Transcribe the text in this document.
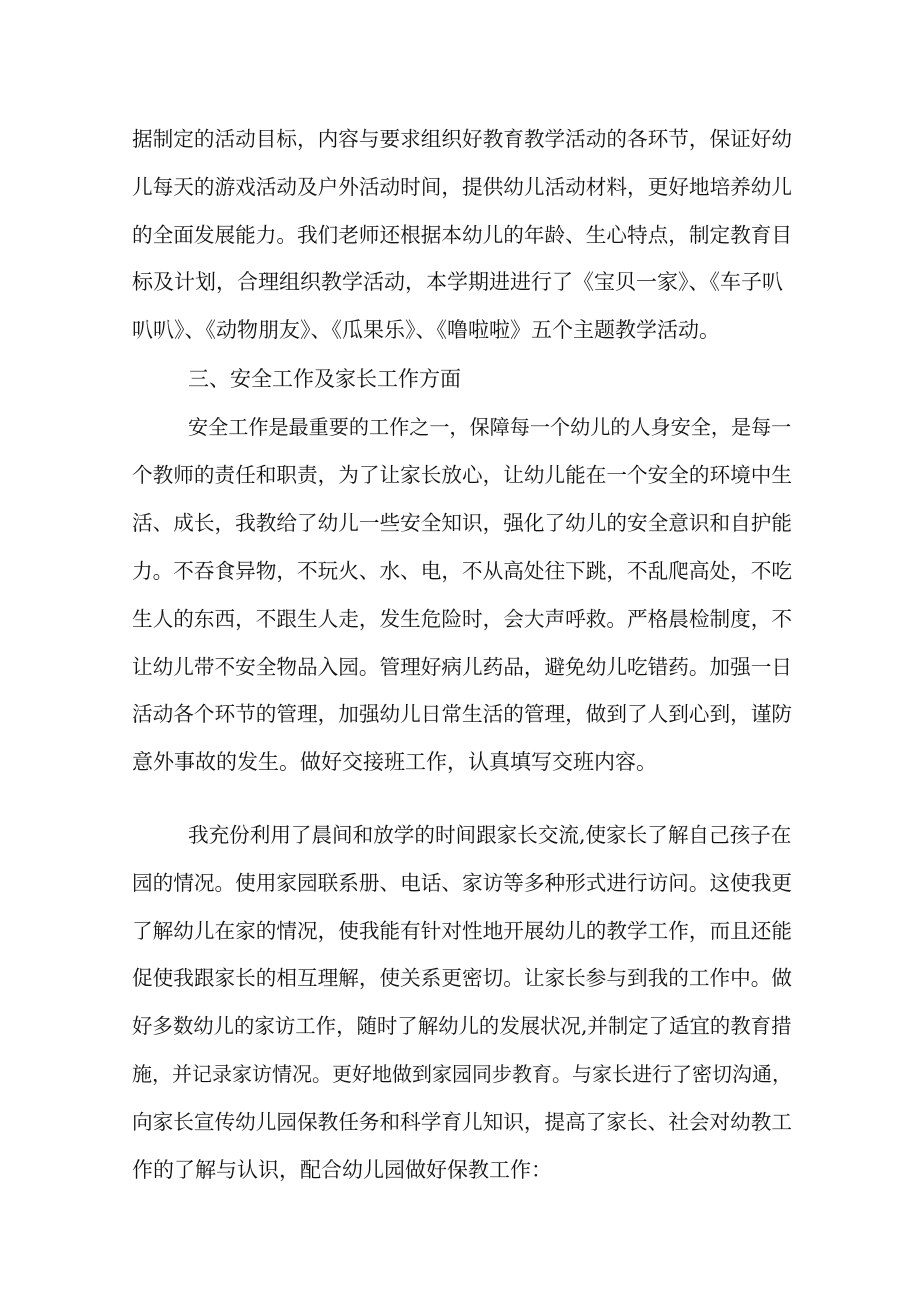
据制定的活动目标，内容与要求组织好教育教学活动的各环节，保证好幼
儿每天的游戏活动及户外活动时间，提供幼儿活动材料，更好地培养幼儿
的全面发展能力。我们老师还根据本幼儿的年龄、生心特点，制定教育目
标及计划，合理组织教学活动，本学期进进行了《宝贝一家》、《车子叭
叭叭》、《动物朋友》、《瓜果乐》、《噜啦啦》五个主题教学活动。
三、安全工作及家长工作方面
安全工作是最重要的工作之一，保障每一个幼儿的人身安全，是每一
个教师的责任和职责，为了让家长放心，让幼儿能在一个安全的环境中生
活、成长，我教给了幼儿一些安全知识，强化了幼儿的安全意识和自护能
力。不吞食异物，不玩火、水、电，不从高处往下跳，不乱爬高处，不吃
生人的东西，不跟生人走，发生危险时，会大声呼救。严格晨检制度，不
让幼儿带不安全物品入园。管理好病儿药品，避免幼儿吃错药。加强一日
活动各个环节的管理，加强幼儿日常生活的管理，做到了人到心到，谨防
意外事故的发生。做好交接班工作，认真填写交班内容。
我充份利用了晨间和放学的时间跟家长交流,使家长了解自己孩子在
园的情况。使用家园联系册、电话、家访等多种形式进行访问。这使我更
了解幼儿在家的情况，使我能有针对性地开展幼儿的教学工作，而且还能
促使我跟家长的相互理解，使关系更密切。让家长参与到我的工作中。做
好多数幼儿的家访工作，随时了解幼儿的发展状况,并制定了适宜的教育措
施，并记录家访情况。更好地做到家园同步教育。与家长进行了密切沟通，
向家长宣传幼儿园保教任务和科学育儿知识，提高了家长、社会对幼教工
作的了解与认识，配合幼儿园做好保教工作：
